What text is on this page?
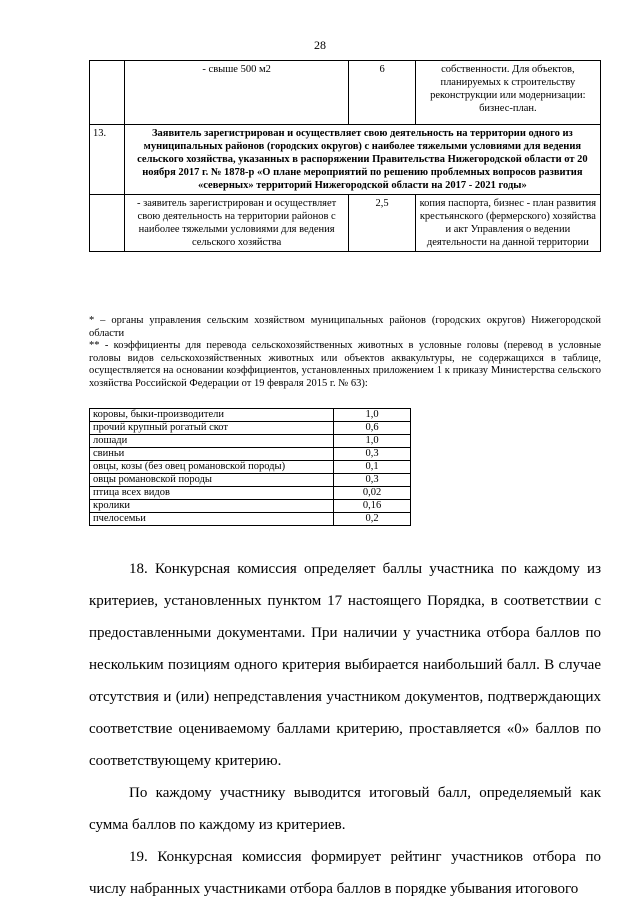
28
	- свыше 500 м2	6	собственности. Для объектов, планируемых к строительству реконструкции или модернизации: бизнес-план.
13.	Заявитель зарегистрирован и осуществляет свою деятельность на территории одного из муниципальных районов (городских округов) с наиболее тяжелыми условиями для ведения сельского хозяйства, указанных в распоряжении Правительства Нижегородской области от 20 ноября 2017 г. № 1878-р «О плане мероприятий по решению проблемных вопросов развития «северных» территорий Нижегородской области на 2017 - 2021 годы»		
	- заявитель зарегистрирован и осуществляет свою деятельность на территории районов с наиболее тяжелыми условиями для ведения сельского хозяйства	2,5	копия паспорта, бизнес - план развития крестьянского (фермерского) хозяйства и акт Управления о ведении деятельности на данной территории

* – органы управления сельским хозяйством муниципальных районов (городских округов) Нижегородской области

** - коэффициенты для перевода сельскохозяйственных животных в условные головы (перевод в условные головы видов сельскохозяйственных животных или объектов аквакультуры, не содержащихся в таблице, осуществляется на основании коэффициентов, установленных приложением 1 к приказу Министерства сельского хозяйства Российской Федерации от 19 февраля 2015 г. № 63):

коровы, быки-производители	1,0
прочий крупный рогатый скот	0,6
лошади	1,0
свиньи	0,3
овцы, козы (без овец романовской породы)	0,1
овцы романовской породы	0,3
птица всех видов	0,02
кролики	0,16
пчелосемьи	0,2

18. Конкурсная комиссия определяет баллы участника по каждому из критериев, установленных пунктом 17 настоящего Порядка, в соответствии с предоставленными документами. При наличии у участника отбора баллов по нескольким позициям одного критерия выбирается наибольший балл. В случае отсутствия и (или) непредставления участником документов, подтверждающих соответствие оцениваемому баллами критерию, проставляется «0» баллов по соответствующему критерию.

По каждому участнику выводится итоговый балл, определяемый как сумма баллов по каждому из критериев.

19. Конкурсная комиссия формирует рейтинг участников отбора по числу набранных участниками отбора баллов в порядке убывания итогового
